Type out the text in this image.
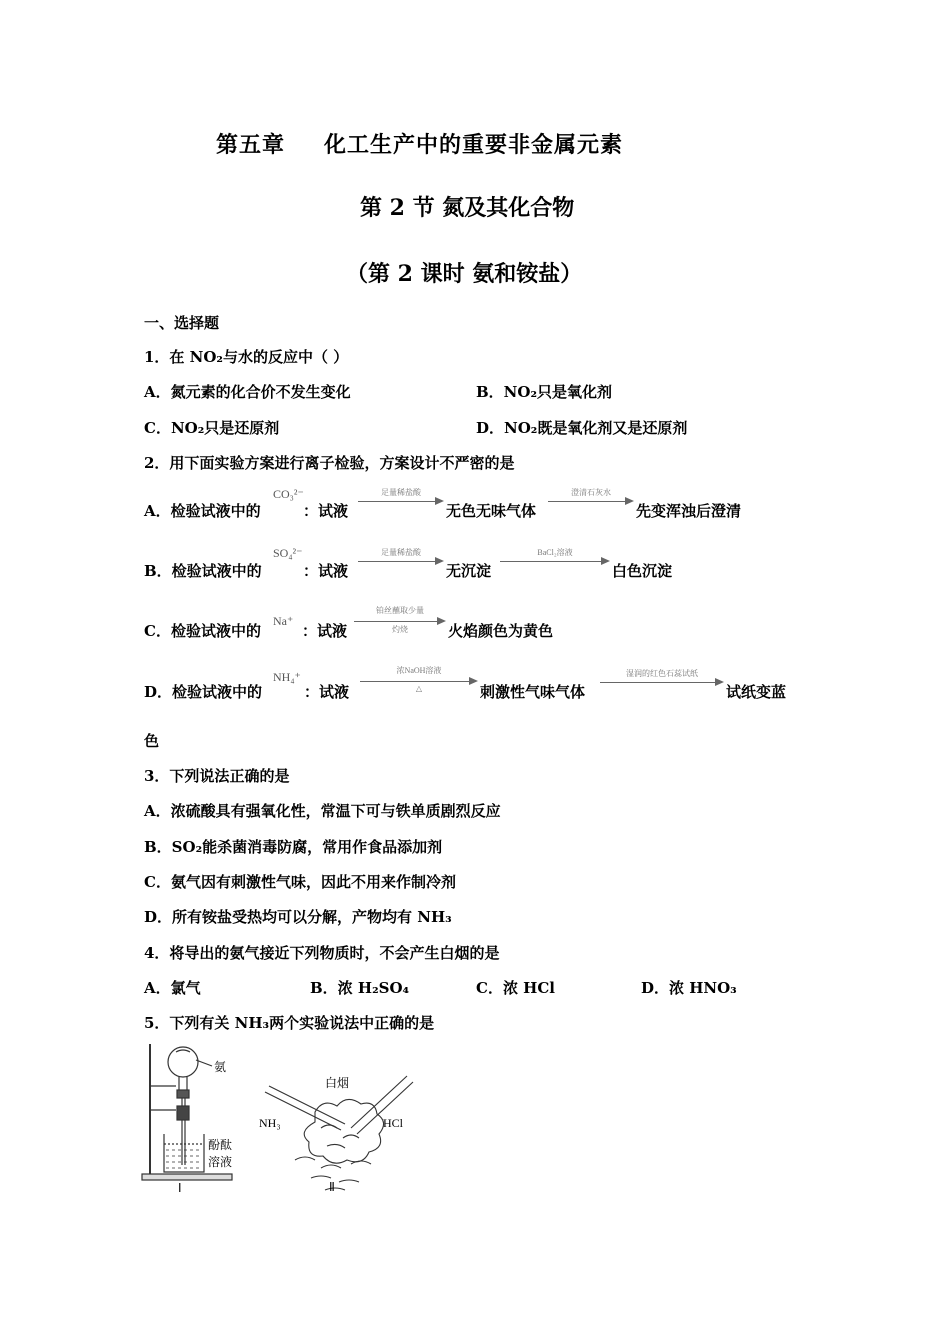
第五章 化工生产中的重要非金属元素
第 2 节 氮及其化合物
（第 2 课时 氨和铵盐）
一、选择题
1．在 NO₂与水的反应中（ ）
A．氮元素的化合价不发生变化	B．NO₂只是氧化剂
C．NO₂只是还原剂	D．NO₂既是氧化剂又是还原剂
2．用下面实验方案进行离子检验，方案设计不严密的是
A．检验试液中的
CO₃²⁻
：试液
足量稀盐酸
无色无味气体
澄清石灰水
先变浑浊后澄清
B．检验试液中的
SO₄²⁻
：试液
足量稀盐酸
无沉淀
BaCl₂溶液
白色沉淀
C．检验试液中的
Na⁺
：试液
铂丝蘸取少量
灼烧	火焰颜色为黄色
D．检验试液中的
NH₄⁺
：试液
浓NaOH溶液
△	刺激性气味气体
湿润的红色石蕊试纸
试纸变蓝
色
3．下列说法正确的是
A．浓硫酸具有强氧化性，常温下可与铁单质剧烈反应
B．SO₂能杀菌消毒防腐，常用作食品添加剂
C．氨气因有刺激性气味，因此不用来作制冷剂
D．所有铵盐受热均可以分解，产物均有 NH₃
4．将导出的氨气接近下列物质时，不会产生白烟的是
A．氯气	B．浓 H₂SO₄	C．浓 HCl	D．浓 HNO₃
5．下列有关 NH₃两个实验说法中正确的是
氨
酚酞
溶液
Ⅰ
白烟
NH₃	HCl
Ⅱ
